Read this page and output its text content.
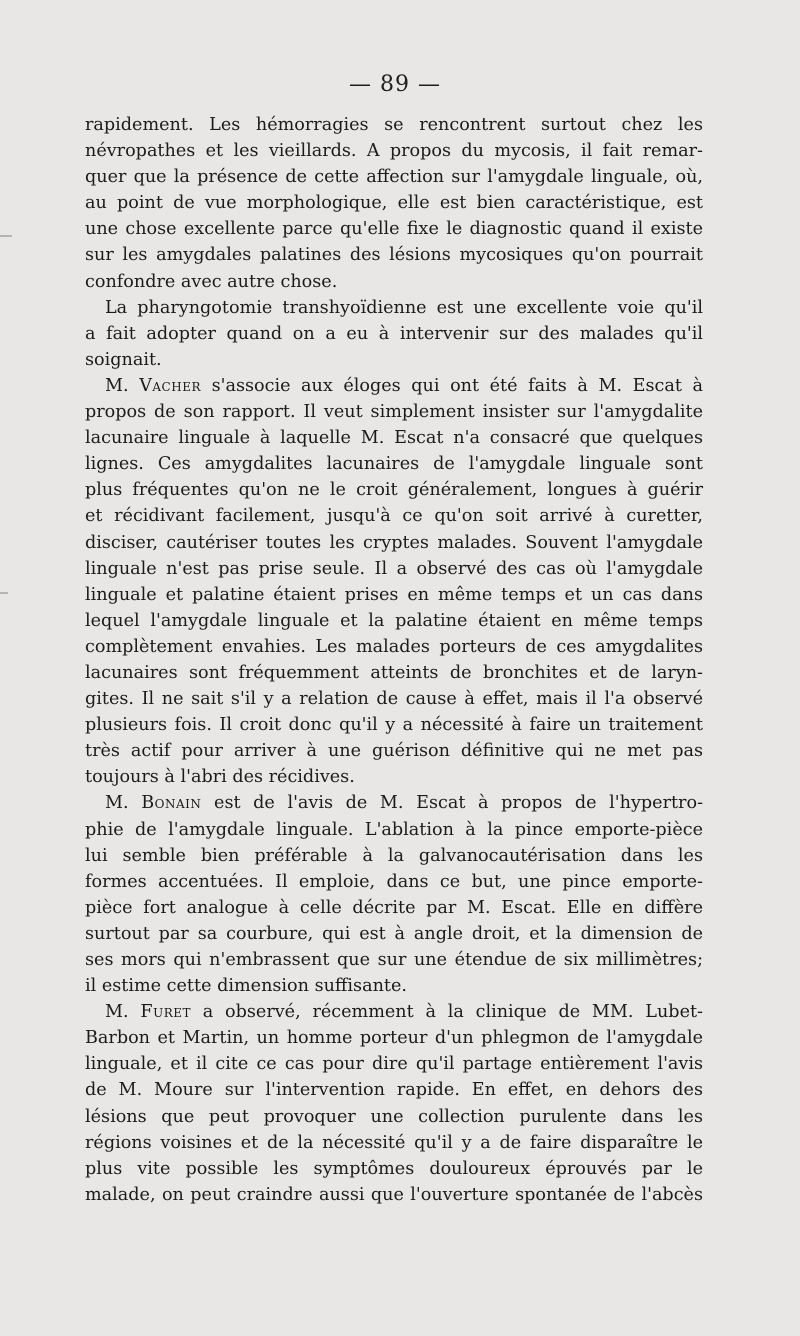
— 89 —
rapidement. Les hémorragies se rencontrent surtout chez les
névropathes et les vieillards. A propos du mycosis, il fait remar-
quer que la présence de cette affection sur l'amygdale linguale, où,
au point de vue morphologique, elle est bien caractéristique, est
une chose excellente parce qu'elle fixe le diagnostic quand il existe
sur les amygdales palatines des lésions mycosiques qu'on pourrait
confondre avec autre chose.
La pharyngotomie transhyoïdienne est une excellente voie qu'il
a fait adopter quand on a eu à intervenir sur des malades qu'il
soignait.
M. Vacher s'associe aux éloges qui ont été faits à M. Escat à
propos de son rapport. Il veut simplement insister sur l'amygdalite
lacunaire linguale à laquelle M. Escat n'a consacré que quelques
lignes. Ces amygdalites lacunaires de l'amygdale linguale sont
plus fréquentes qu'on ne le croit généralement, longues à guérir
et récidivant facilement, jusqu'à ce qu'on soit arrivé à curetter,
disciser, cautériser toutes les cryptes malades. Souvent l'amygdale
linguale n'est pas prise seule. Il a observé des cas où l'amygdale
linguale et palatine étaient prises en même temps et un cas dans
lequel l'amygdale linguale et la palatine étaient en même temps
complètement envahies. Les malades porteurs de ces amygdalites
lacunaires sont fréquemment atteints de bronchites et de laryn-
gites. Il ne sait s'il y a relation de cause à effet, mais il l'a observé
plusieurs fois. Il croit donc qu'il y a nécessité à faire un traitement
très actif pour arriver à une guérison définitive qui ne met pas
toujours à l'abri des récidives.
M. Bonain est de l'avis de M. Escat à propos de l'hypertro-
phie de l'amygdale linguale. L'ablation à la pince emporte-pièce
lui semble bien préférable à la galvanocautérisation dans les
formes accentuées. Il emploie, dans ce but, une pince emporte-
pièce fort analogue à celle décrite par M. Escat. Elle en diffère
surtout par sa courbure, qui est à angle droit, et la dimension de
ses mors qui n'embrassent que sur une étendue de six millimètres;
il estime cette dimension suffisante.
M. Furet a observé, récemment à la clinique de MM. Lubet-
Barbon et Martin, un homme porteur d'un phlegmon de l'amygdale
linguale, et il cite ce cas pour dire qu'il partage entièrement l'avis
de M. Moure sur l'intervention rapide. En effet, en dehors des
lésions que peut provoquer une collection purulente dans les
régions voisines et de la nécessité qu'il y a de faire disparaître le
plus vite possible les symptômes douloureux éprouvés par le
malade, on peut craindre aussi que l'ouverture spontanée de l'abcès
